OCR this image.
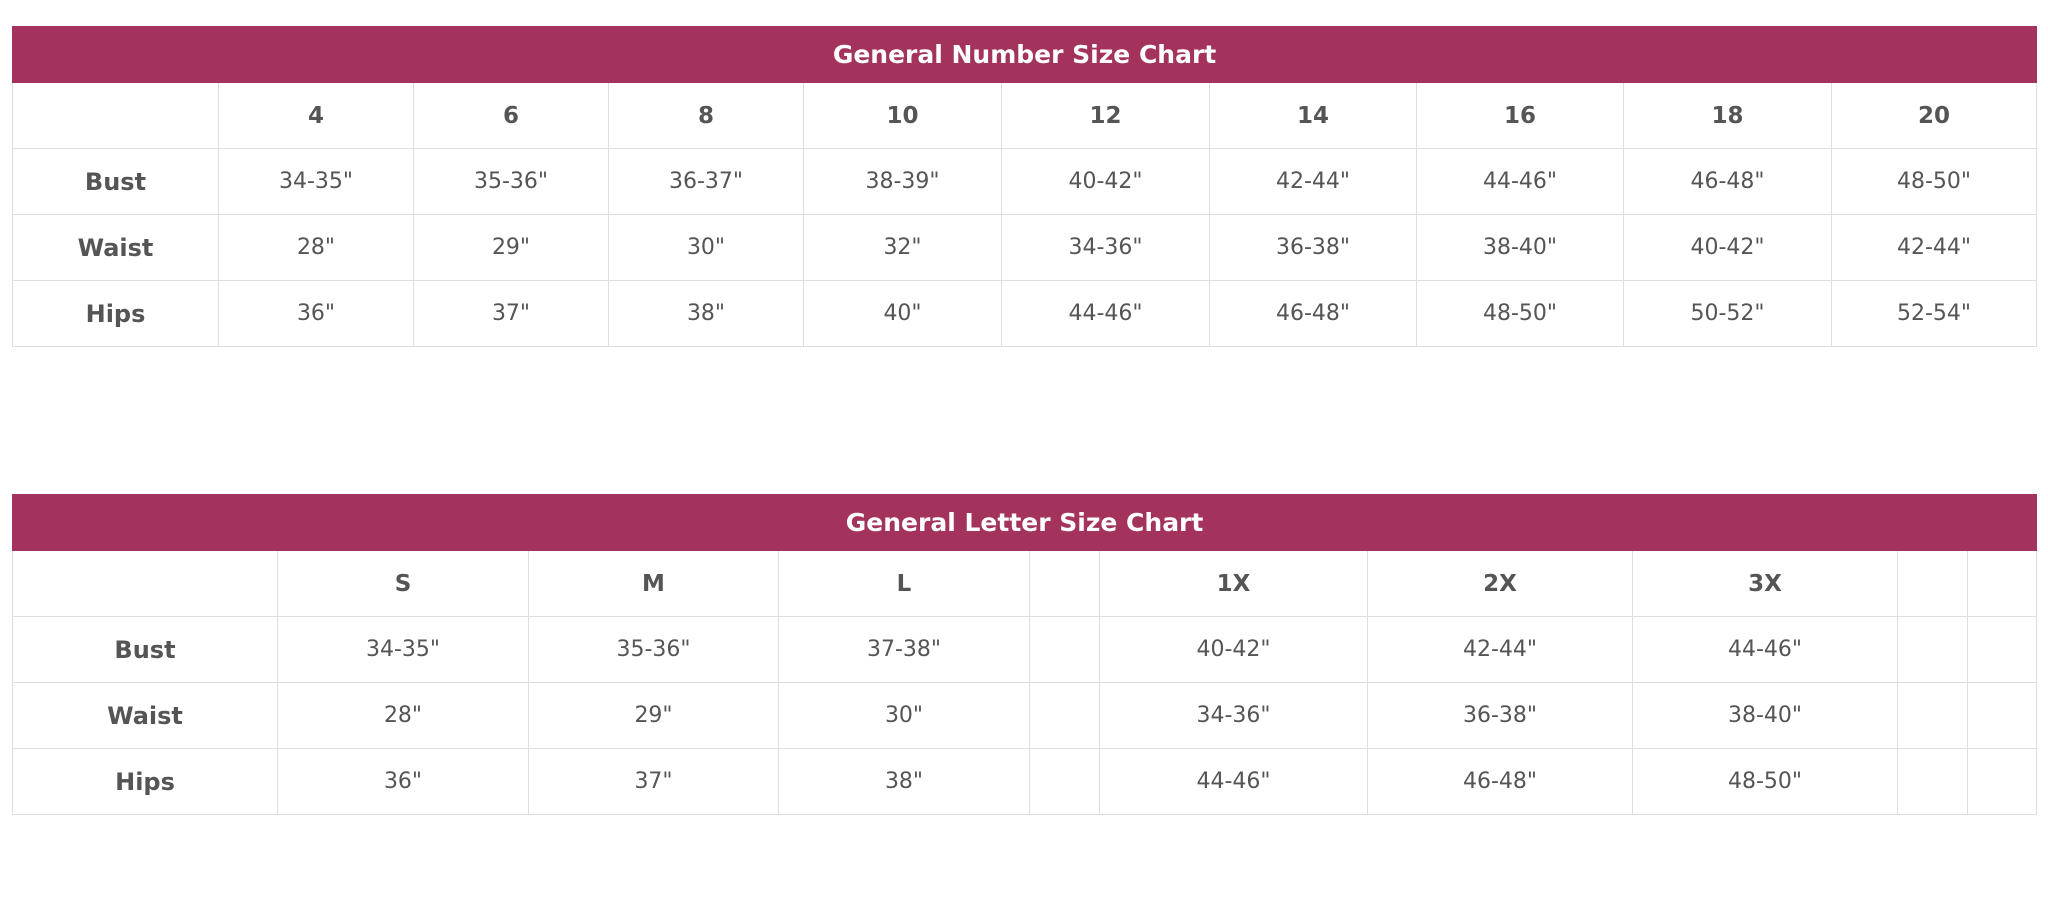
General Number Size Chart									
	4	6	8	10	12	14	16	18	20
Bust	34-35"	35-36"	36-37"	38-39"	40-42"	42-44"	44-46"	46-48"	48-50"
Waist	28"	29"	30"	32"	34-36"	36-38"	38-40"	40-42"	42-44"
Hips	36"	37"	38"	40"	44-46"	46-48"	48-50"	50-52"	52-54"
General Letter Size Chart									
	S	M	L		1X	2X	3X		
Bust	34-35"	35-36"	37-38"		40-42"	42-44"	44-46"		
Waist	28"	29"	30"		34-36"	36-38"	38-40"		
Hips	36"	37"	38"		44-46"	46-48"	48-50"		
